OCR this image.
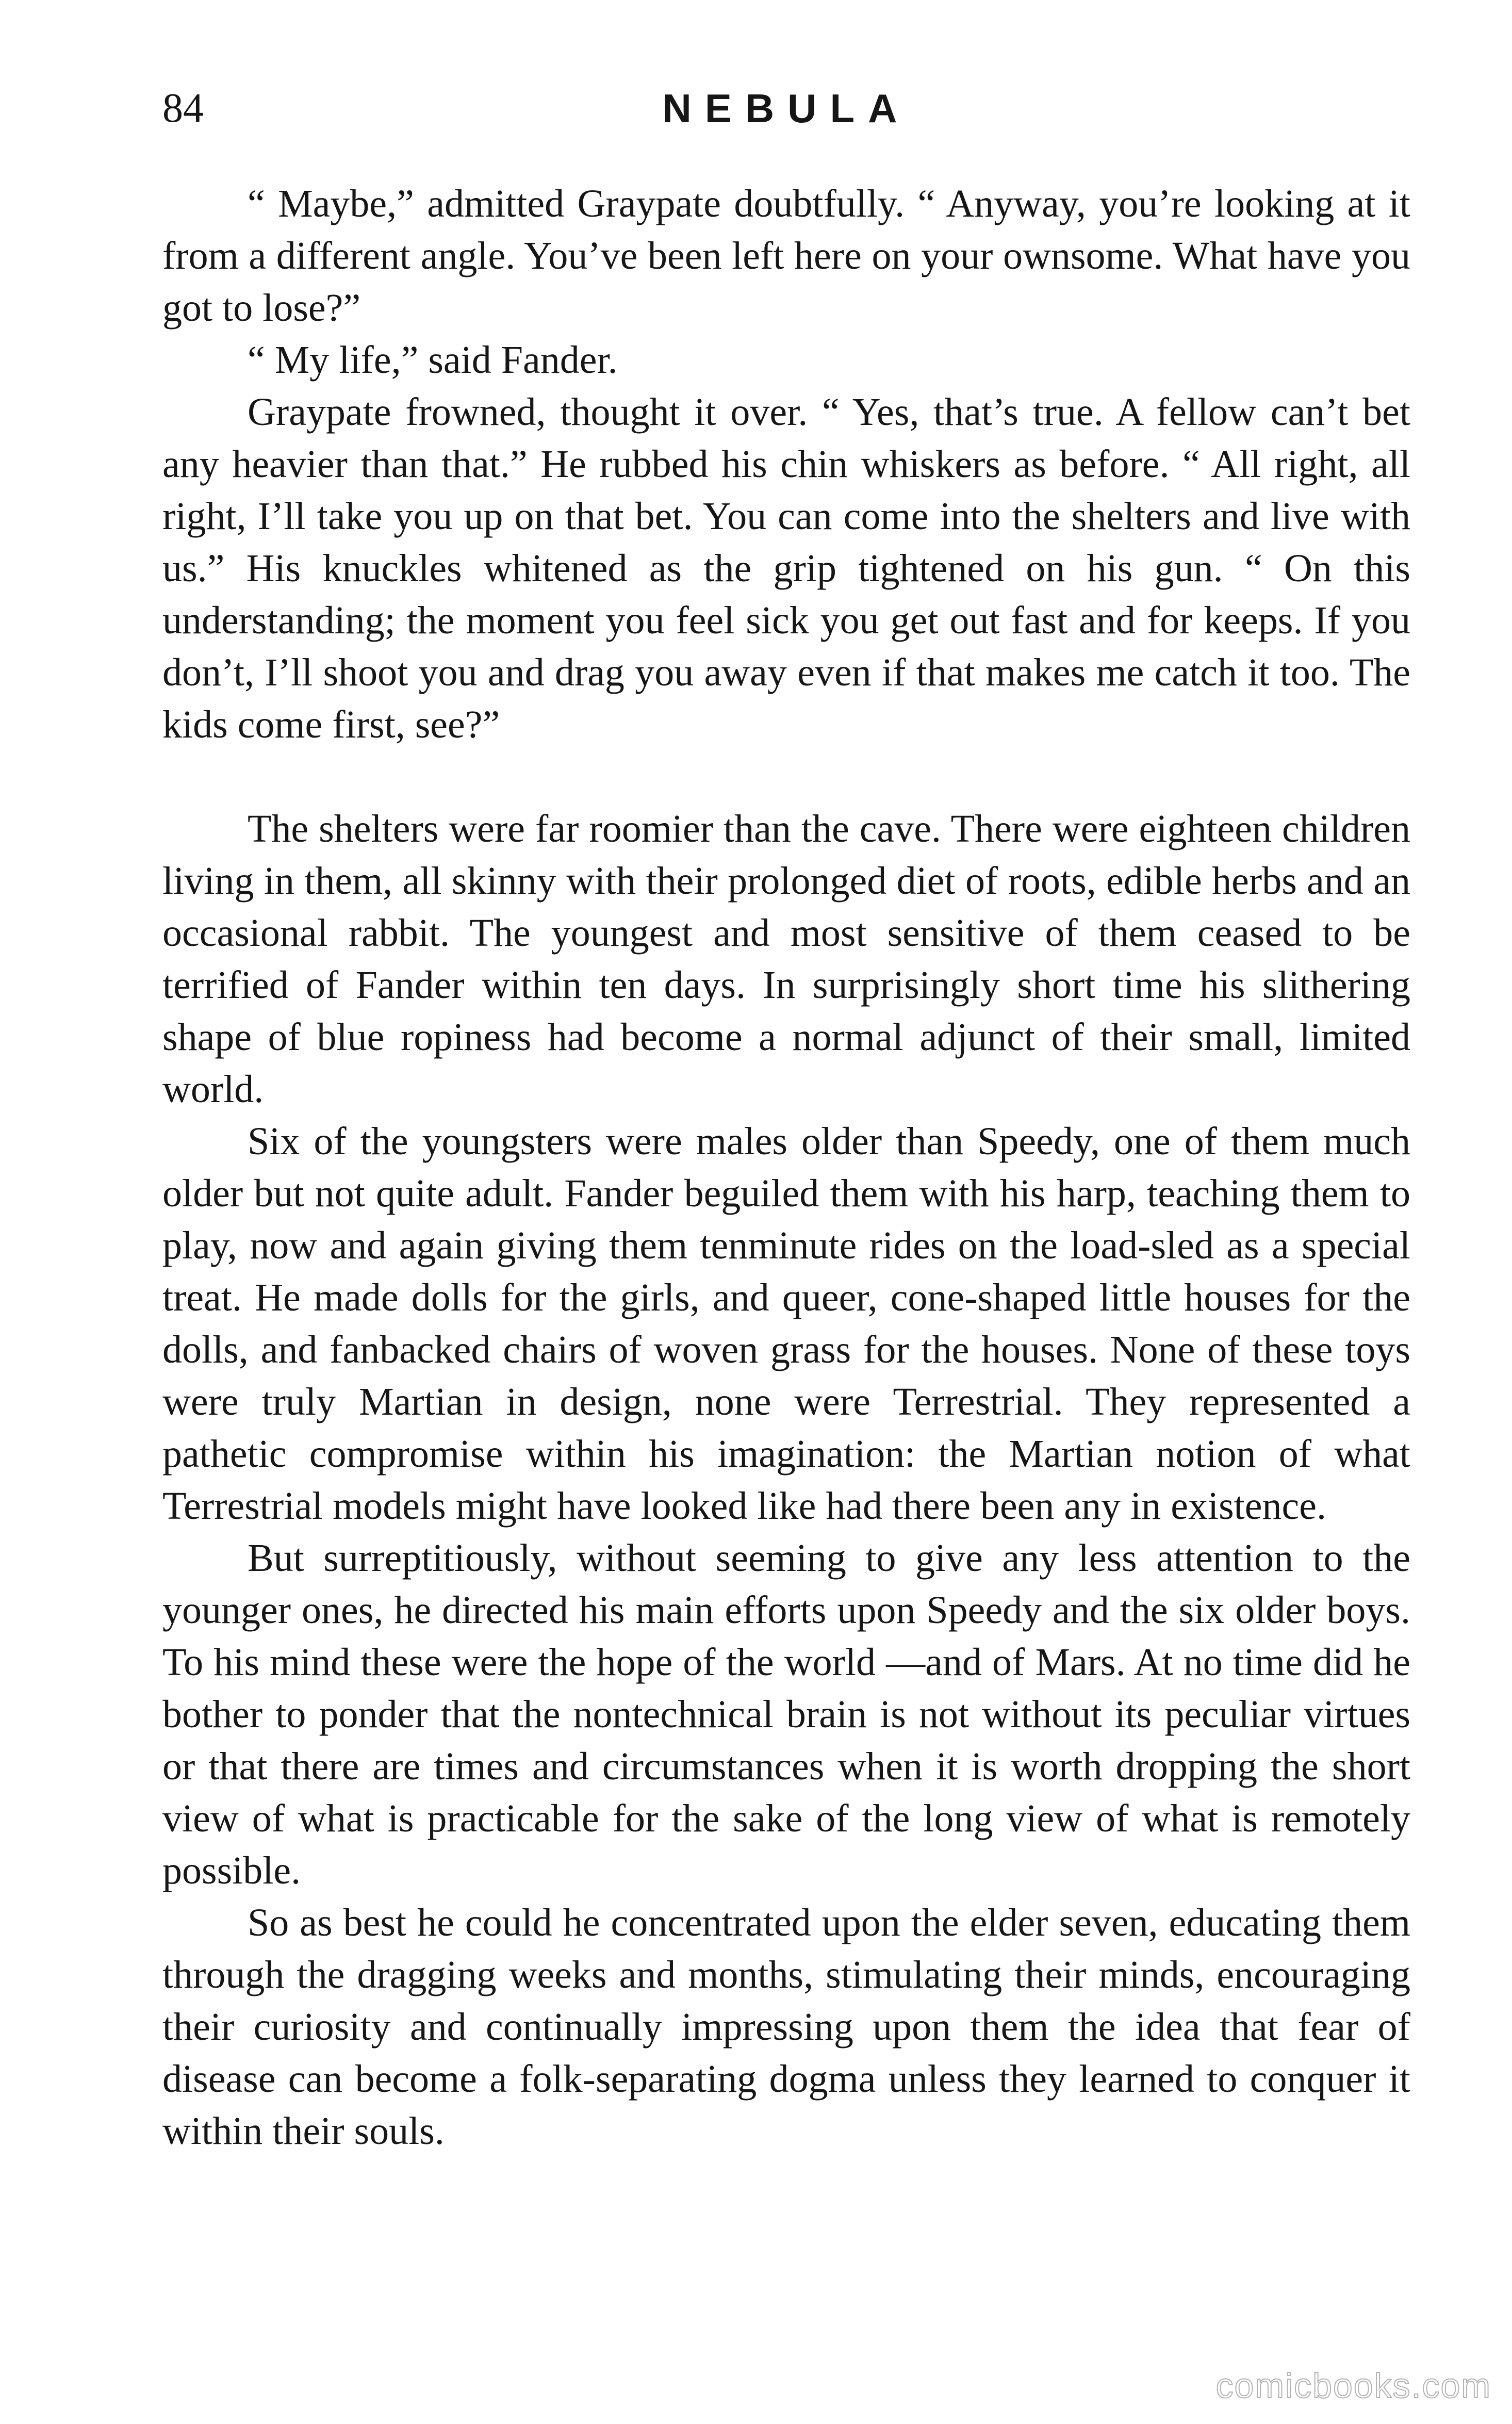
84	NEBULA

“ Maybe,” admitted Graypate doubtfully. “ Anyway, you’re looking at it from a different angle. You’ve been left here on your ownsome. What have you got to lose?”

“ My life,” said Fander.

Graypate frowned, thought it over. “ Yes, that’s true. A fellow can’t bet any heavier than that.” He rubbed his chin whiskers as before. “ All right, all right, I’ll take you up on that bet. You can come into the shelters and live with us.” His knuckles whitened as the grip tightened on his gun. “ On this understanding; the moment you feel sick you get out fast and for keeps. If you don’t, I’ll shoot you and drag you away even if that makes me catch it too. The kids come first, see?”

The shelters were far roomier than the cave. There were eighteen children living in them, all skinny with their prolonged diet of roots, edible herbs and an occasional rabbit. The youngest and most sensitive of them ceased to be terrified of Fander within ten days. In surprisingly short time his slithering shape of blue ropiness had become a normal adjunct of their small, limited world.

Six of the youngsters were males older than Speedy, one of them much older but not quite adult. Fander beguiled them with his harp, teaching them to play, now and again giving them tenminute rides on the load-sled as a special treat. He made dolls for the girls, and queer, cone-shaped little houses for the dolls, and fanbacked chairs of woven grass for the houses. None of these toys were truly Martian in design, none were Terrestrial. They represented a pathetic compromise within his imagination: the Martian notion of what Terrestrial models might have looked like had there been any in existence.

But surreptitiously, without seeming to give any less attention to the younger ones, he directed his main efforts upon Speedy and the six older boys. To his mind these were the hope of the world —and of Mars. At no time did he bother to ponder that the nontechnical brain is not without its peculiar virtues or that there are times and circumstances when it is worth dropping the short view of what is practicable for the sake of the long view of what is remotely possible.

So as best he could he concentrated upon the elder seven, educating them through the dragging weeks and months, stimulating their minds, encouraging their curiosity and continually impressing upon them the idea that fear of disease can become a folk-separating dogma unless they learned to conquer it within their souls.

comicbooks.com
